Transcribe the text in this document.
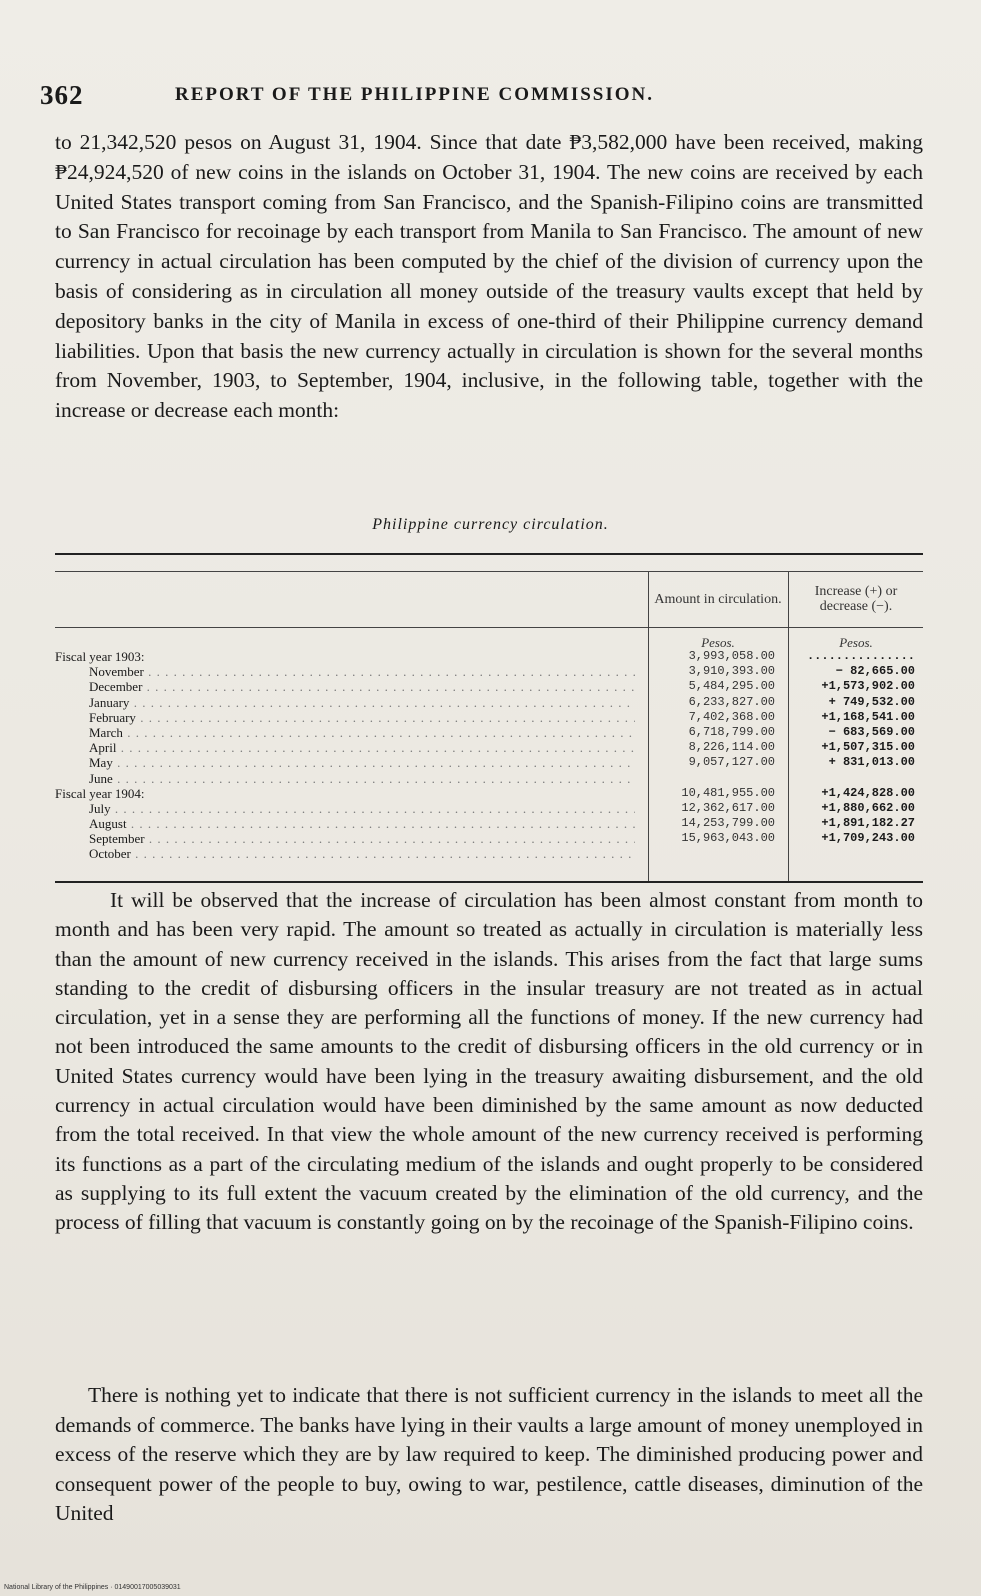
362	REPORT OF THE PHILIPPINE COMMISSION.

to 21,342,520 pesos on August 31, 1904. Since that date ₱3,582,000 have been received, making ₱24,924,520 of new coins in the islands on October 31, 1904. The new coins are received by each United States transport coming from San Francisco, and the Spanish-Filipino coins are transmitted to San Francisco for recoinage by each transport from Manila to San Francisco. The amount of new currency in actual circulation has been computed by the chief of the division of currency upon the basis of considering as in circulation all money outside of the treasury vaults except that held by depository banks in the city of Manila in excess of one-third of their Philippine currency demand liabilities. Upon that basis the new currency actually in circulation is shown for the several months from November, 1903, to September, 1904, inclusive, in the following table, together with the increase or decrease each month:

Philippine currency circulation.
Amount in circulation.	Increase (+) or decrease (−).
Pesos.	Pesos.
Fiscal year 1903:	3,993,058.00	...............
November . . .	3,910,393.00	− 82,665.00
December . . .	5,484,295.00	+1,573,902.00
January . . .	6,233,827.00	+ 749,532.00
February . . .	7,402,368.00	+1,168,541.00
March . . .	6,718,799.00	− 683,569.00
April . . .	8,226,114.00	+1,507,315.00
May . . .	9,057,127.00	+ 831,013.00
June . . .
Fiscal year 1904:	10,481,955.00	+1,424,828.00
July . . .	12,362,617.00	+1,880,662.00
August . . .	14,253,799.00	+1,891,182.27
September . . .	15,963,043.00	+1,709,243.00
October . . .

It will be observed that the increase of circulation has been almost constant from month to month and has been very rapid. The amount so treated as actually in circulation is materially less than the amount of new currency received in the islands. This arises from the fact that large sums standing to the credit of disbursing officers in the insular treasury are not treated as in actual circulation, yet in a sense they are performing all the functions of money. If the new currency had not been introduced the same amounts to the credit of disbursing officers in the old currency or in United States currency would have been lying in the treasury awaiting disbursement, and the old currency in actual circulation would have been diminished by the same amount as now deducted from the total received. In that view the whole amount of the new currency received is performing its functions as a part of the circulating medium of the islands and ought properly to be considered as supplying to its full extent the vacuum created by the elimination of the old currency, and the process of filling that vacuum is constantly going on by the recoinage of the Spanish-Filipino coins.

There is nothing yet to indicate that there is not sufficient currency in the islands to meet all the demands of commerce. The banks have lying in their vaults a large amount of money unemployed in excess of the reserve which they are by law required to keep. The diminished producing power and consequent power of the people to buy, owing to war, pestilence, cattle diseases, diminution of the United

National Library of the Philippines · 01490017005039031
